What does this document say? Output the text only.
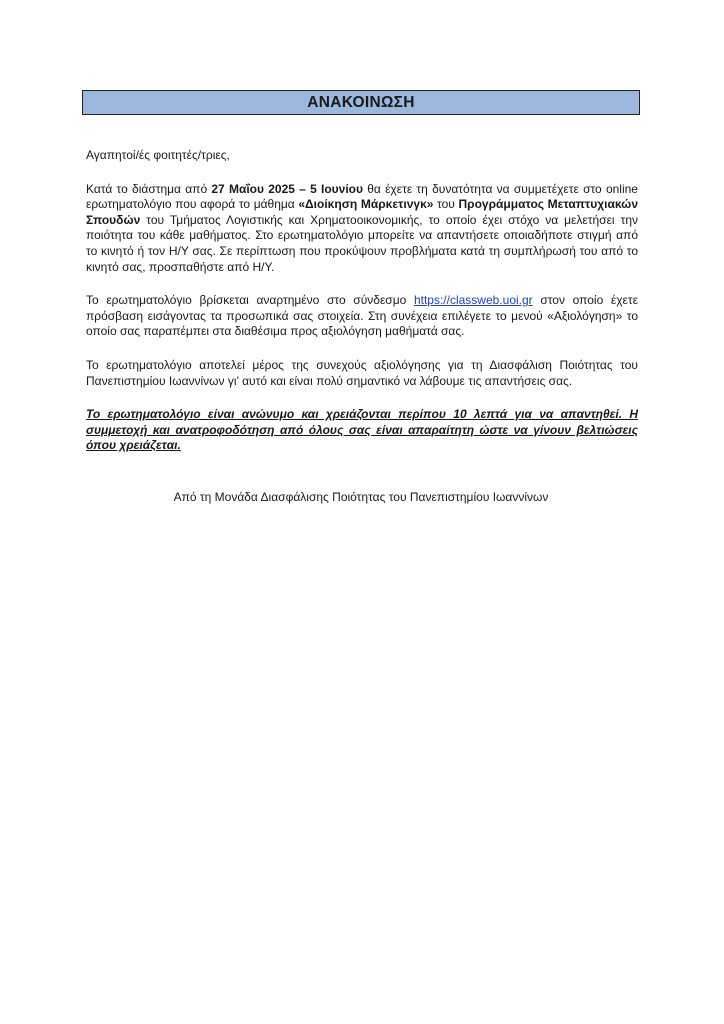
ΑΝΑΚΟΙΝΩΣΗ

Αγαπητοί/ές φοιτητές/τριες,

Κατά το διάστημα από 27 Μαΐου 2025 – 5 Ιουνίου θα έχετε τη δυνατότητα να συμμετέχετε στο online ερωτηματολόγιο που αφορά το μάθημα «Διοίκηση Μάρκετινγκ» του Προγράμματος Μεταπτυχιακών Σπουδών του Τμήματος Λογιστικής και Χρηματοοικονομικής, το οποίο έχει στόχο να μελετήσει την ποιότητα του κάθε μαθήματος. Στο ερωτηματολόγιο μπορείτε να απαντήσετε οποιαδήποτε στιγμή από το κινητό ή τον Η/Υ σας. Σε περίπτωση που προκύψουν προβλήματα κατά τη συμπλήρωσή του από το κινητό σας, προσπαθήστε από Η/Υ.

Το ερωτηματολόγιο βρίσκεται αναρτημένο στο σύνδεσμο https://classweb.uoi.gr στον οποίο έχετε πρόσβαση εισάγοντας τα προσωπικά σας στοιχεία. Στη συνέχεια επιλέγετε το μενού «Αξιολόγηση» το οποίο σας παραπέμπει στα διαθέσιμα προς αξιολόγηση μαθήματά σας.

Το ερωτηματολόγιο αποτελεί μέρος της συνεχούς αξιολόγησης για τη Διασφάλιση Ποιότητας του Πανεπιστημίου Ιωαννίνων γι’ αυτό και είναι πολύ σημαντικό να λάβουμε τις απαντήσεις σας.

Το ερωτηματολόγιο είναι ανώνυμο και χρειάζονται περίπου 10 λεπτά για να απαντηθεί. Η συμμετοχή και ανατροφοδότηση από όλους σας είναι απαραίτητη ώστε να γίνουν βελτιώσεις όπου χρειάζεται.

Από τη Μονάδα Διασφάλισης Ποιότητας του Πανεπιστημίου Ιωαννίνων
